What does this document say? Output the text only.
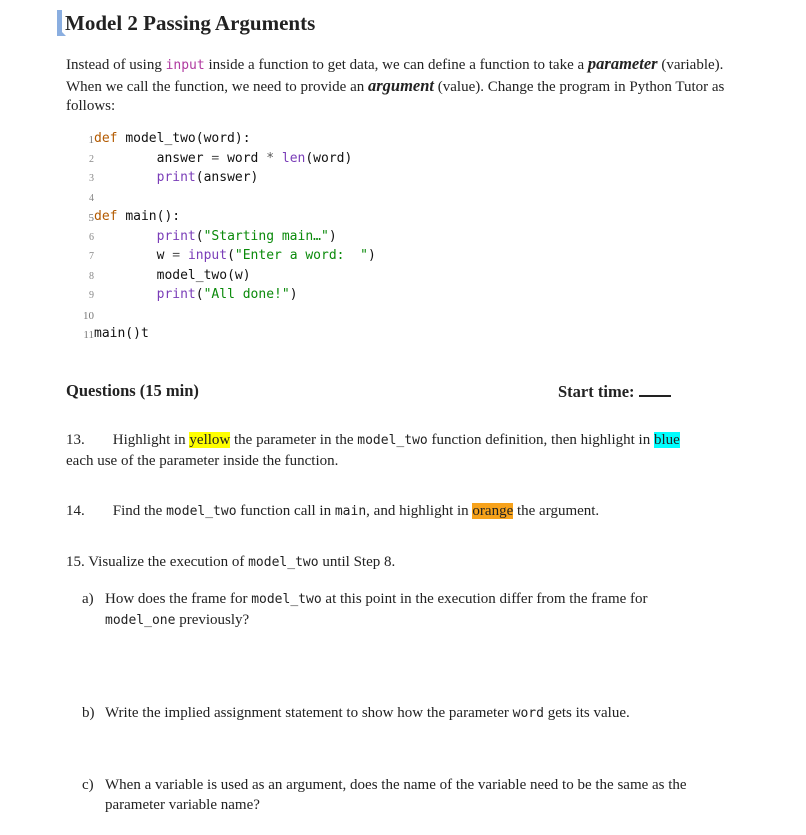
Model 2 Passing Arguments
Instead of using input inside a function to get data, we can define a function to take a parameter (variable). When we call the function, we need to provide an argument (value). Change the program in Python Tutor as follows:
1 def model_two(word):
2	answer = word * len(word)
3	print(answer)
4
5 def main():
6	print("Starting main…")
7	w = input("Enter a word:  ")
8	model_two(w)
9	print("All done!")
10
11 main()t
Questions (15 min)	Start time:
13. Highlight in yellow the parameter in the model_two function definition, then highlight in blue
each use of the parameter inside the function.
14. Find the model_two function call in main, and highlight in orange the argument.
15. Visualize the execution of model_two until Step 8.
a) How does the frame for model_two at this point in the execution differ from the frame for
model_one previously?
b) Write the implied assignment statement to show how the parameter word gets its value.
c) When a variable is used as an argument, does the name of the variable need to be the same as the
parameter variable name?
